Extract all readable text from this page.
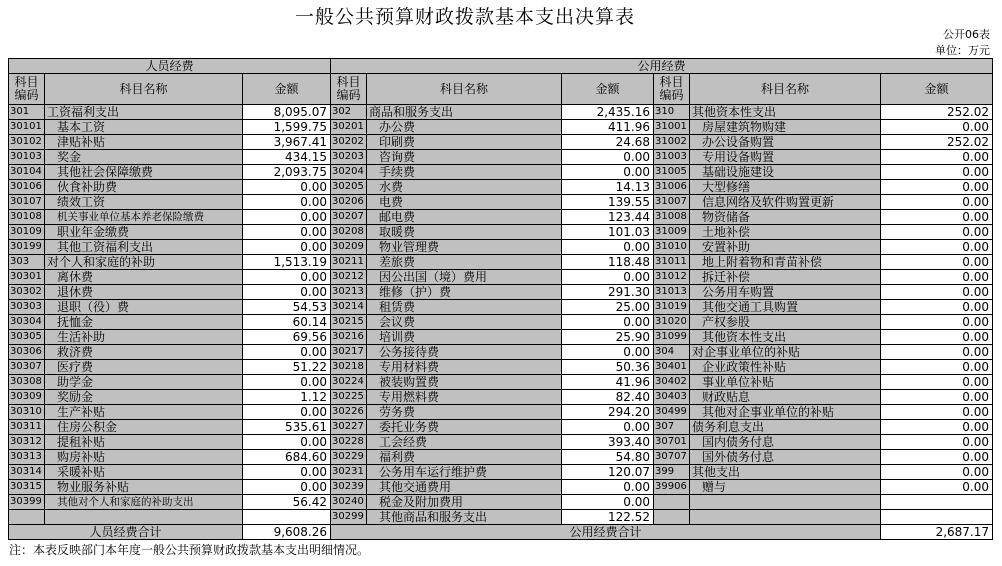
一般公共预算财政拨款基本支出决算表
公开06表
单位：万元
人员经费			公用经费					
科目编码	科目名称	金额	科目编码	科目名称	金额	科目编码	科目名称	金额
301	工资福利支出	8,095.07	302	商品和服务支出	2,435.16	310	其他资本性支出	252.02
30101	基本工资	1,599.75	30201	办公费	411.96	31001	房屋建筑物购建	0.00
30102	津贴补贴	3,967.41	30202	印刷费	24.68	31002	办公设备购置	252.02
30103	奖金	434.15	30203	咨询费	0.00	31003	专用设备购置	0.00
30104	其他社会保障缴费	2,093.75	30204	手续费	0.00	31005	基础设施建设	0.00
30106	伙食补助费	0.00	30205	水费	14.13	31006	大型修缮	0.00
30107	绩效工资	0.00	30206	电费	139.55	31007	信息网络及软件购置更新	0.00
30108	机关事业单位基本养老保险缴费	0.00	30207	邮电费	123.44	31008	物资储备	0.00
30109	职业年金缴费	0.00	30208	取暖费	101.03	31009	土地补偿	0.00
30199	其他工资福利支出	0.00	30209	物业管理费	0.00	31010	安置补助	0.00
303	对个人和家庭的补助	1,513.19	30211	差旅费	118.48	31011	地上附着物和青苗补偿	0.00
30301	离休费	0.00	30212	因公出国（境）费用	0.00	31012	拆迁补偿	0.00
30302	退休费	0.00	30213	维修（护）费	291.30	31013	公务用车购置	0.00
30303	退职（役）费	54.53	30214	租赁费	25.00	31019	其他交通工具购置	0.00
30304	抚恤金	60.14	30215	会议费	0.00	31020	产权参股	0.00
30305	生活补助	69.56	30216	培训费	25.90	31099	其他资本性支出	0.00
30306	救济费	0.00	30217	公务接待费	0.00	304	对企事业单位的补贴	0.00
30307	医疗费	51.22	30218	专用材料费	50.36	30401	企业政策性补贴	0.00
30308	助学金	0.00	30224	被装购置费	41.96	30402	事业单位补贴	0.00
30309	奖励金	1.12	30225	专用燃料费	82.40	30403	财政贴息	0.00
30310	生产补贴	0.00	30226	劳务费	294.20	30499	其他对企事业单位的补贴	0.00
30311	住房公积金	535.61	30227	委托业务费	0.00	307	债务利息支出	0.00
30312	提租补贴	0.00	30228	工会经费	393.40	30701	国内债务付息	0.00
30313	购房补贴	684.60	30229	福利费	54.80	30707	国外债务付息	0.00
30314	采暖补贴	0.00	30231	公务用车运行维护费	120.07	399	其他支出	0.00
30315	物业服务补贴	0.00	30239	其他交通费用	0.00	39906	赠与	0.00
30399	其他对个人和家庭的补助支出	56.42	30240	税金及附加费用	0.00			
			30299	其他商品和服务支出	122.52			
人员经费合计		9,608.26	公用经费合计					2,687.17
注：本表反映部门本年度一般公共预算财政拨款基本支出明细情况。
